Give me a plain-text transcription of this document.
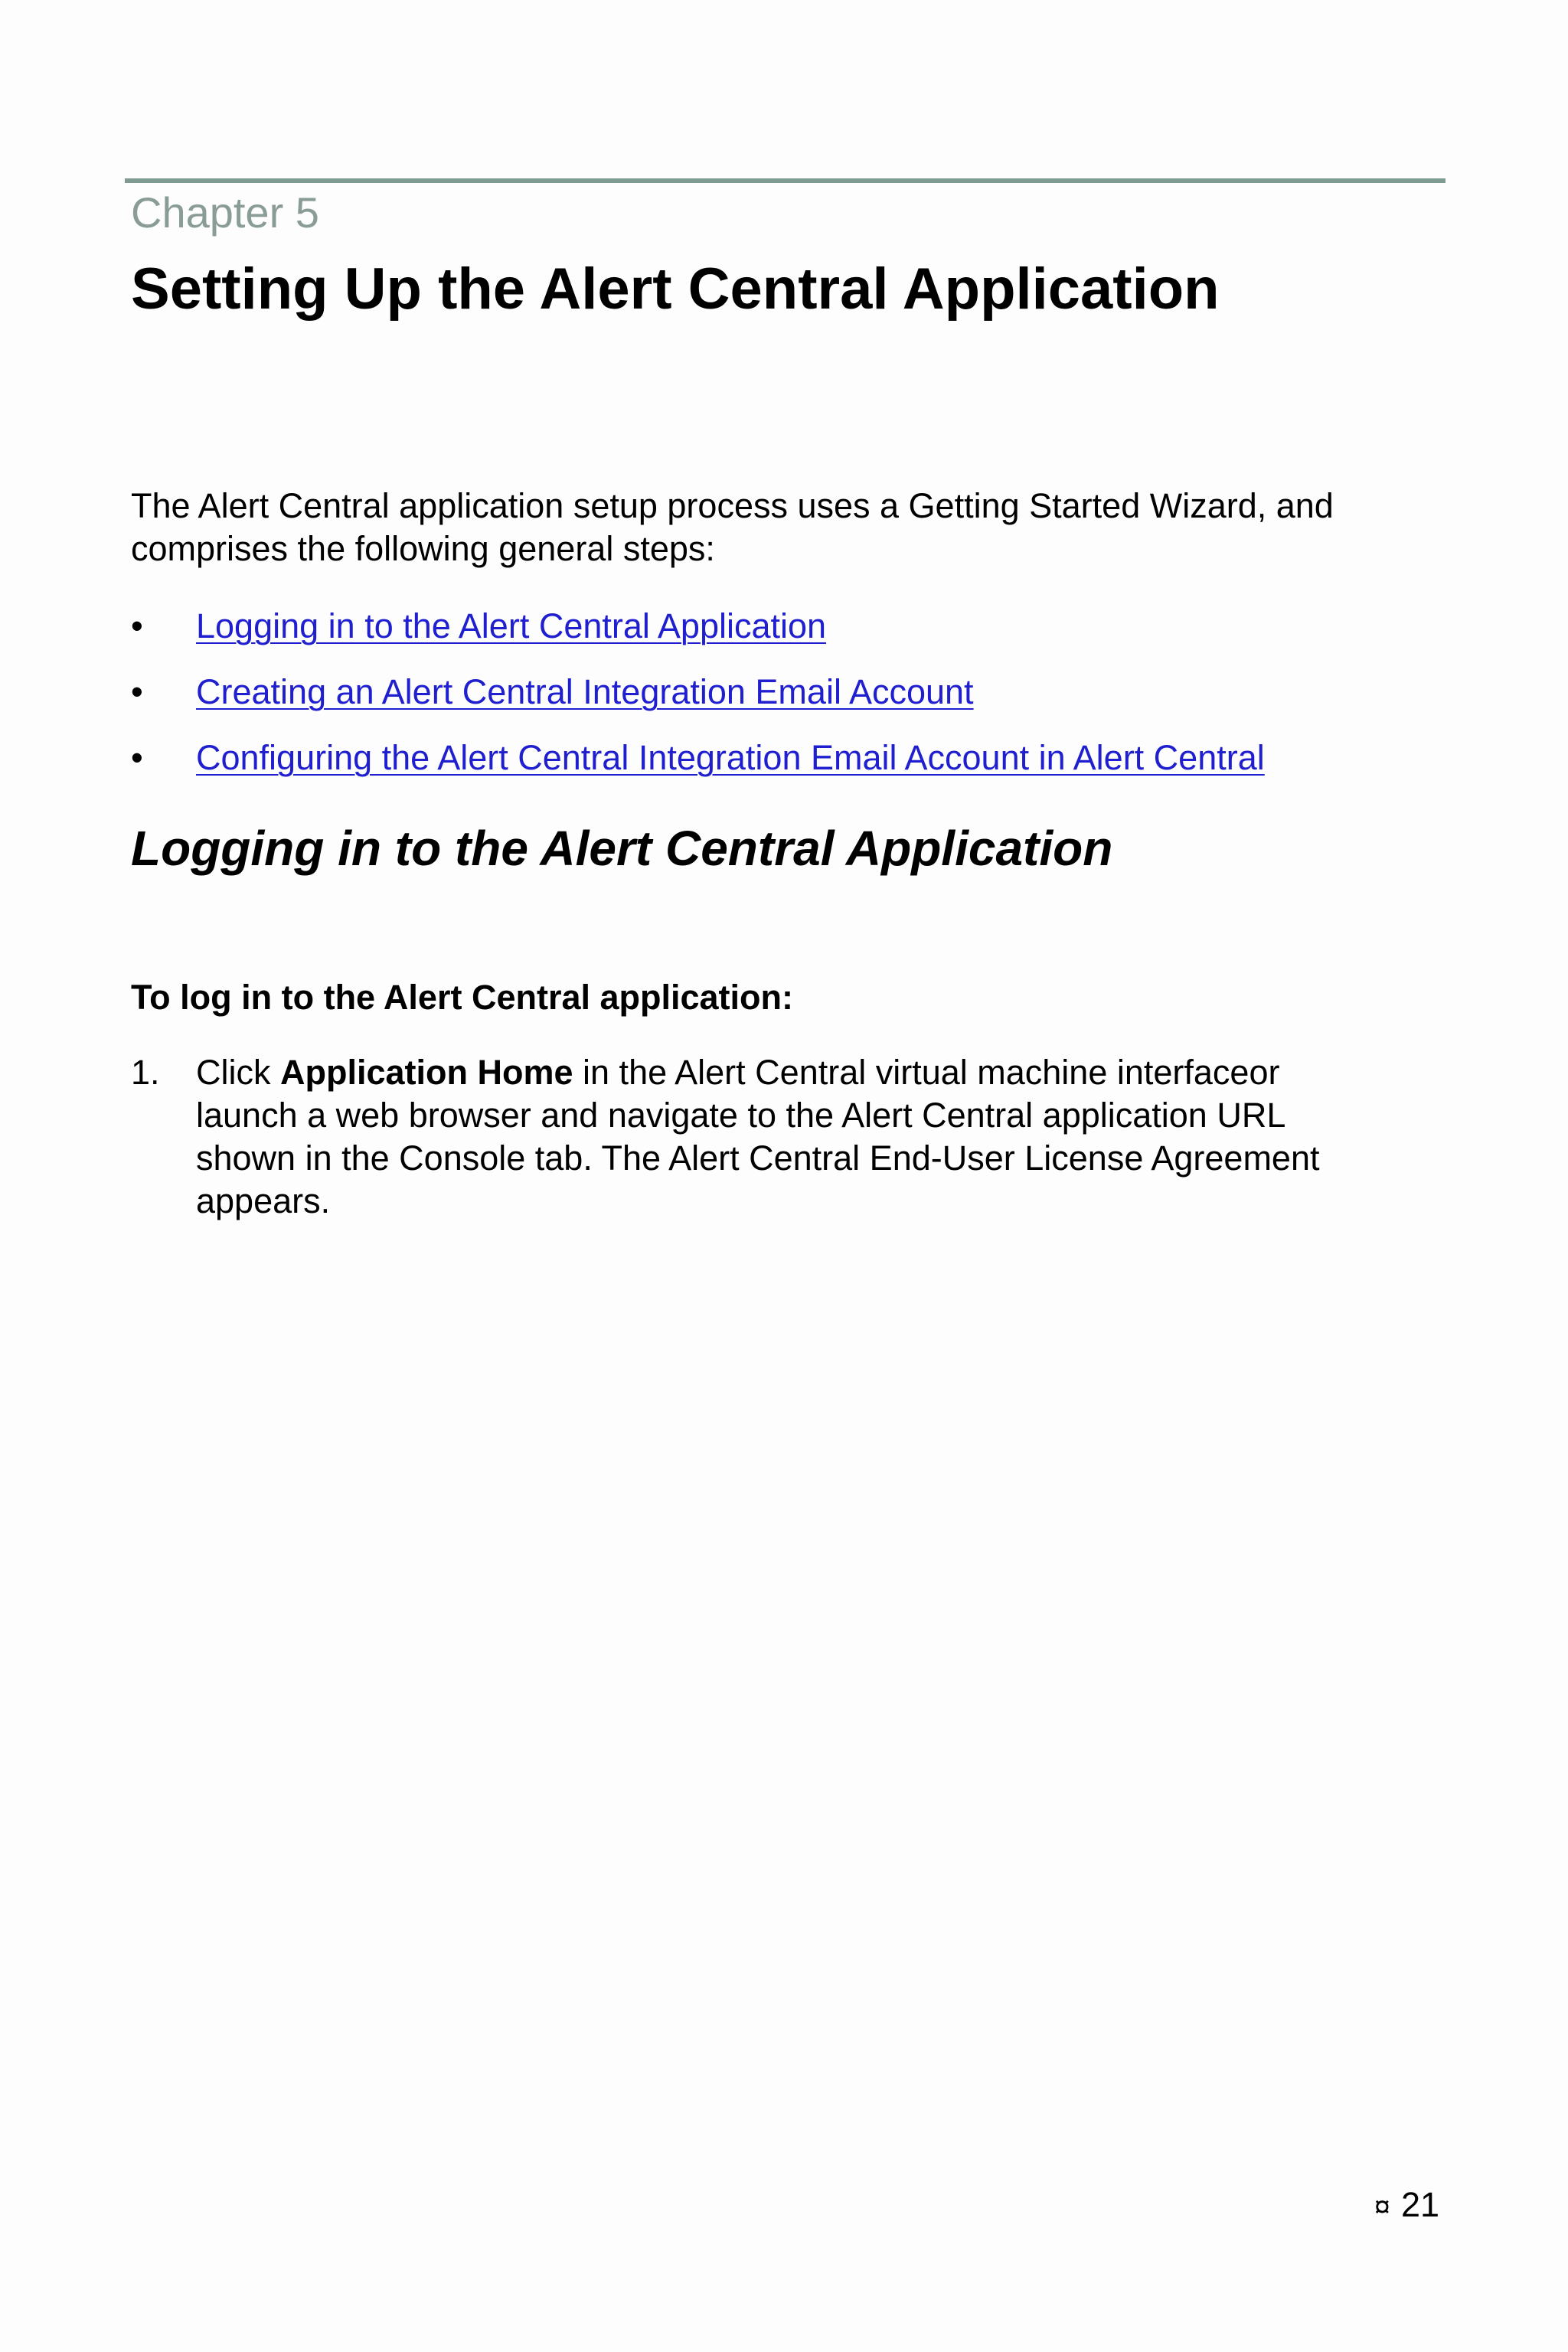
Chapter 5
Setting Up the Alert Central Application

The Alert Central application setup process uses a Getting Started Wizard, and
comprises the following general steps:

•	Logging in to the Alert Central Application
•	Creating an Alert Central Integration Email Account
•	Configuring the Alert Central Integration Email Account in Alert Central
Logging in to the Alert Central Application
To log in to the Alert Central application:
1. Click Application Home in the Alert Central virtual machine interfaceor
launch a web browser and navigate to the Alert Central application URL
shown in the Console tab. The Alert Central End-User License Agreement
appears.
¤ 21
